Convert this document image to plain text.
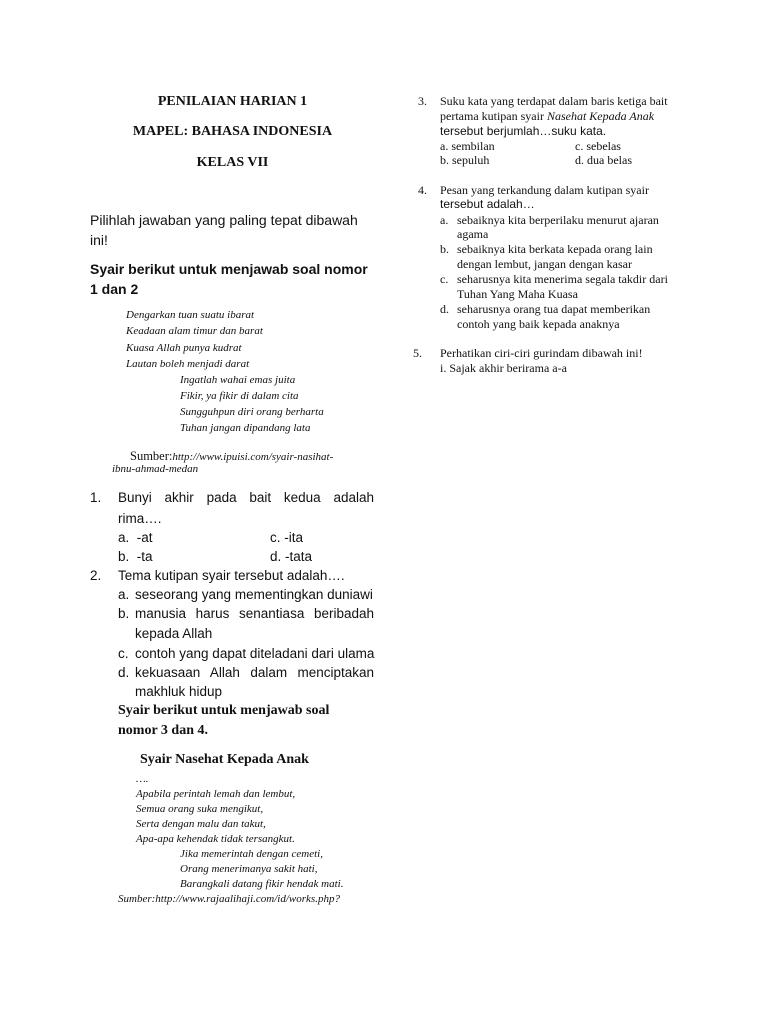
PENILAIAN HARIAN 1
MAPEL: BAHASA INDONESIA
KELAS VII
Pilihlah jawaban yang paling tepat dibawah
ini!
Syair berikut untuk menjawab soal nomor
1 dan 2
Dengarkan tuan suatu ibarat
Keadaan alam timur dan barat
Kuasa Allah punya kudrat
Lautan boleh menjadi darat
Ingatlah wahai emas juita
Fikir, ya fikir di dalam cita
Sungguhpun diri orang berharta
Tuhan jangan dipandang lata
Sumber:http://www.ipuisi.com/syair-nasihat-
ibnu-ahmad-medan
1. Bunyi akhir pada bait kedua adalah
rima….
a. -at	c. -ita
b. -ta	d. -tata
2. Tema kutipan syair tersebut adalah….
a. seseorang yang mementingkan duniawi
b. manusia harus senantiasa beribadah
kepada Allah
c. contoh yang dapat diteladani dari ulama
d. kekuasaan Allah dalam menciptakan
makhluk hidup
Syair berikut untuk menjawab soal
nomor 3 dan 4.
Syair Nasehat Kepada Anak
….
Apabila perintah lemah dan lembut,
Semua orang suka mengikut,
Serta dengan malu dan takut,
Apa-apa kehendak tidak tersangkut.
Jika memerintah dengan cemeti,
Orang menerimanya sakit hati,
Barangkali datang fikir hendak mati.
Sumber:http://www.rajaalihaji.com/id/works.php?
3. Suku kata yang terdapat dalam baris ketiga bait
pertama kutipan syair Nasehat Kepada Anak
tersebut berjumlah…suku kata.
a. sembilan	c. sebelas
b. sepuluh	d. dua belas
4. Pesan yang terkandung dalam kutipan syair
tersebut adalah…
a. sebaiknya kita berperilaku menurut ajaran
agama
b. sebaiknya kita berkata kepada orang lain
dengan lembut, jangan dengan kasar
c. seharusnya kita menerima segala takdir dari
Tuhan Yang Maha Kuasa
d. seharusnya orang tua dapat memberikan
contoh yang baik kepada anaknya
5. Perhatikan ciri-ciri gurindam dibawah ini!
i. Sajak akhir berirama a-a
